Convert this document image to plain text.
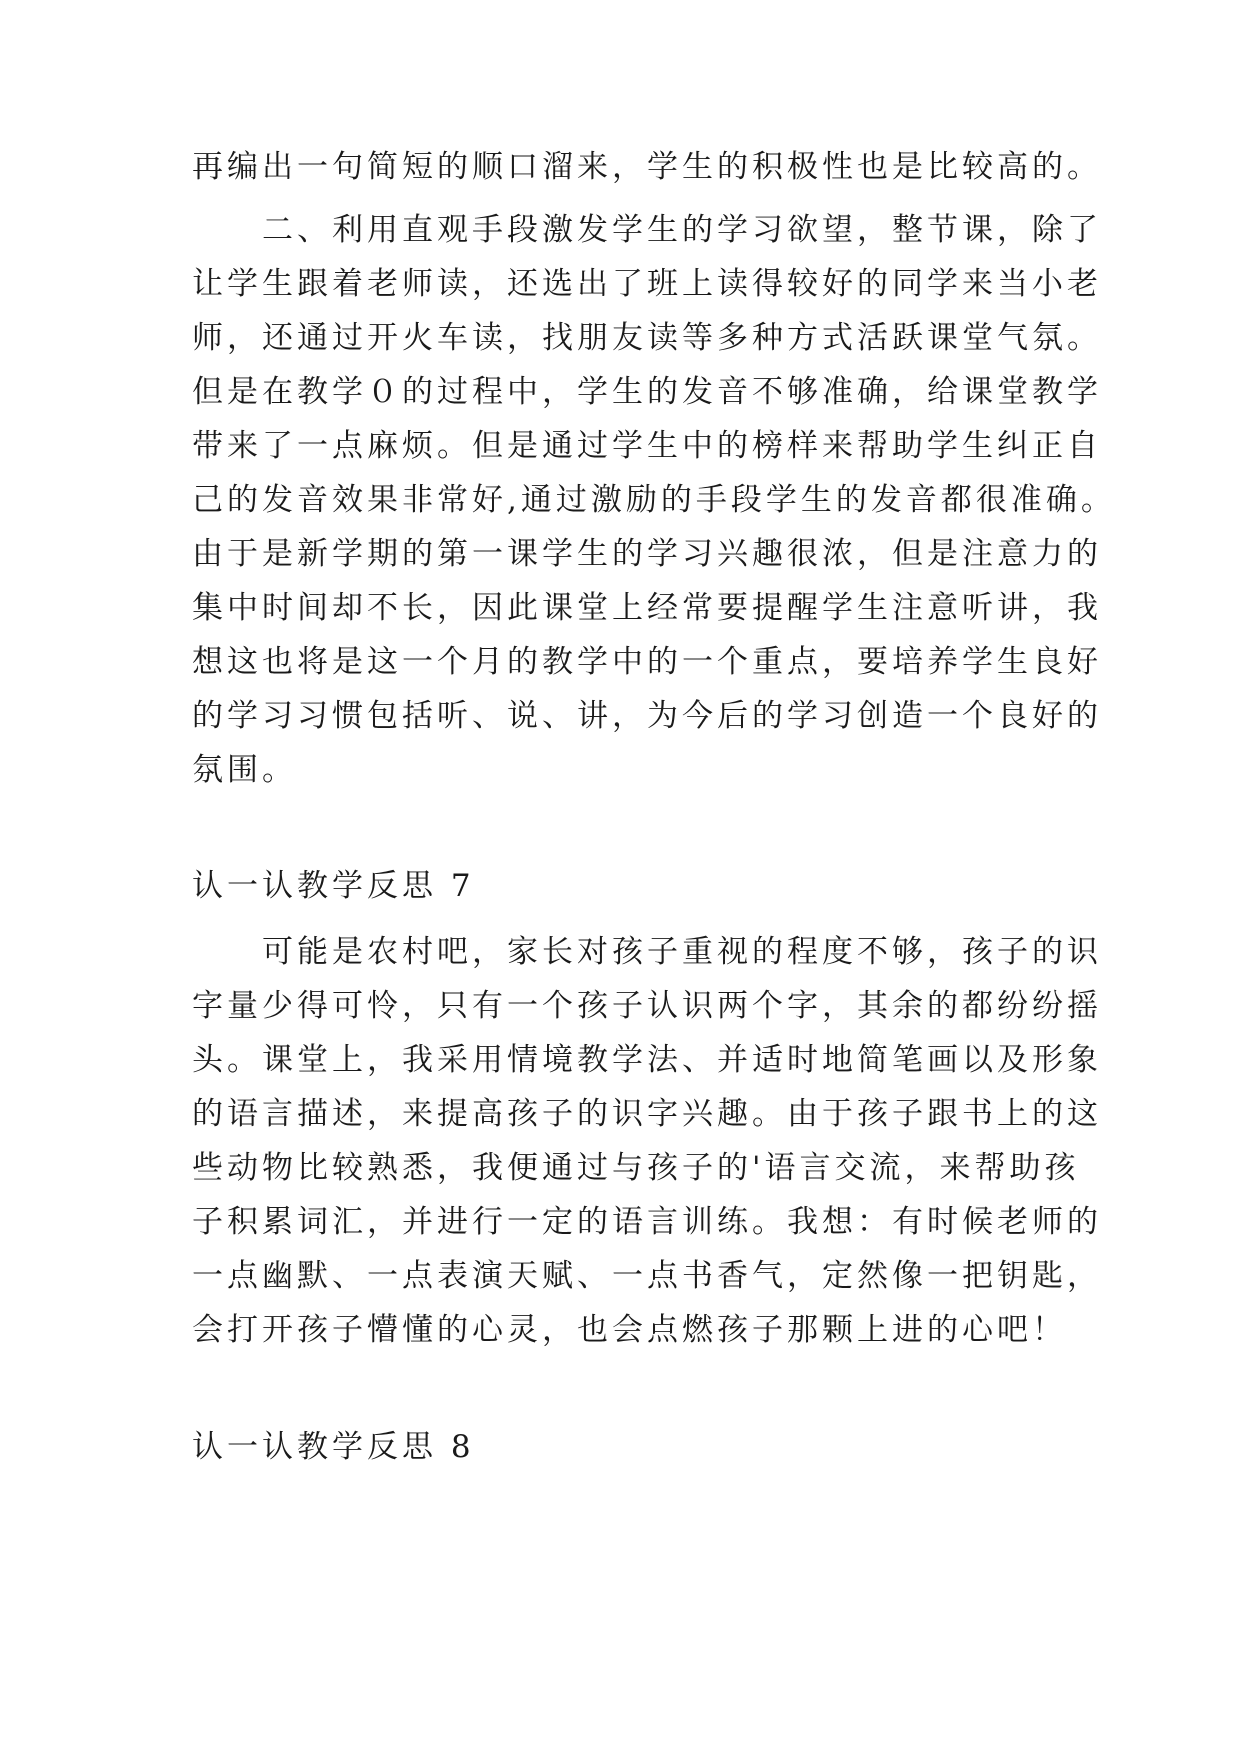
再编出一句简短的顺口溜来，学生的积极性也是比较高的。
　　二、利用直观手段激发学生的学习欲望，整节课，除了
让学生跟着老师读，还选出了班上读得较好的同学来当小老
师，还通过开火车读，找朋友读等多种方式活跃课堂气氛。
但是在教学０的过程中，学生的发音不够准确，给课堂教学
带来了一点麻烦。但是通过学生中的榜样来帮助学生纠正自
己的发音效果非常好,通过激励的手段学生的发音都很准确。
由于是新学期的第一课学生的学习兴趣很浓，但是注意力的
集中时间却不长，因此课堂上经常要提醒学生注意听讲，我
想这也将是这一个月的教学中的一个重点，要培养学生良好
的学习习惯包括听、说、讲，为今后的学习创造一个良好的
氛围。
认一认教学反思 7
　　可能是农村吧，家长对孩子重视的程度不够，孩子的识
字量少得可怜，只有一个孩子认识两个字，其余的都纷纷摇
头。课堂上，我采用情境教学法、并适时地简笔画以及形象
的语言描述，来提高孩子的识字兴趣。由于孩子跟书上的这
些动物比较熟悉，我便通过与孩子的'语言交流，来帮助孩
子积累词汇，并进行一定的语言训练。我想：有时候老师的
一点幽默、一点表演天赋、一点书香气，定然像一把钥匙，
会打开孩子懵懂的心灵，也会点燃孩子那颗上进的心吧！
认一认教学反思 8
